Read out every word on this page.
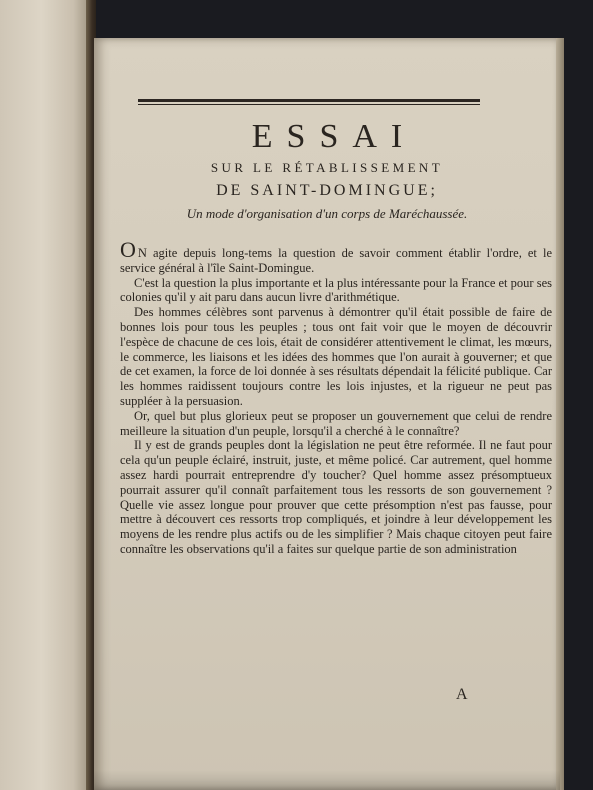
ESSAI
SUR LE RÉTABLISSEMENT
DE SAINT-DOMINGUE;
Un mode d'organisation d'un corps de Maréchaussée.

O N agite depuis long-tems la question de savoir comment établir l'ordre, et le service général à l'île Saint-Domingue.

C'est la question la plus importante et la plus intéressante pour la France et pour ses colonies qu'il y ait paru dans aucun livre d'arithmétique.

Des hommes célèbres sont parvenus à démontrer qu'il était possible de faire de bonnes lois pour tous les peuples ; tous ont fait voir que le moyen de découvrir l'espèce de chacune de ces lois, était de considérer attentivement le climat, les mœurs, le commerce, les liaisons et les idées des hommes que l'on aurait à gouverner; et que de cet examen, la force de loi donnée à ses résultats dépendait la félicité publique. Car les hommes raidissent toujours contre les lois injustes, et la rigueur ne peut pas suppléer à la persuasion.

Or, quel but plus glorieux peut se proposer un gouvernement que celui de rendre meilleure la situation d'un peuple, lorsqu'il a cherché à le connaître?

Il y est de grands peuples dont la législation ne peut être reformée. Il ne faut pour cela qu'un peuple éclairé, instruit, juste, et même policé. Car autrement, quel homme assez hardi pourrait entreprendre d'y toucher? Quel homme assez présomptueux pourrait assurer qu'il connaît parfaitement tous les ressorts de son gouvernement ? Quelle vie assez longue pour prouver que cette présomption n'est pas fausse, pour mettre à découvert ces ressorts trop compliqués, et joindre à leur développement les moyens de les rendre plus actifs ou de les simplifier ? Mais chaque citoyen peut faire connaître les observations qu'il a faites sur quelque partie de son administration

A
